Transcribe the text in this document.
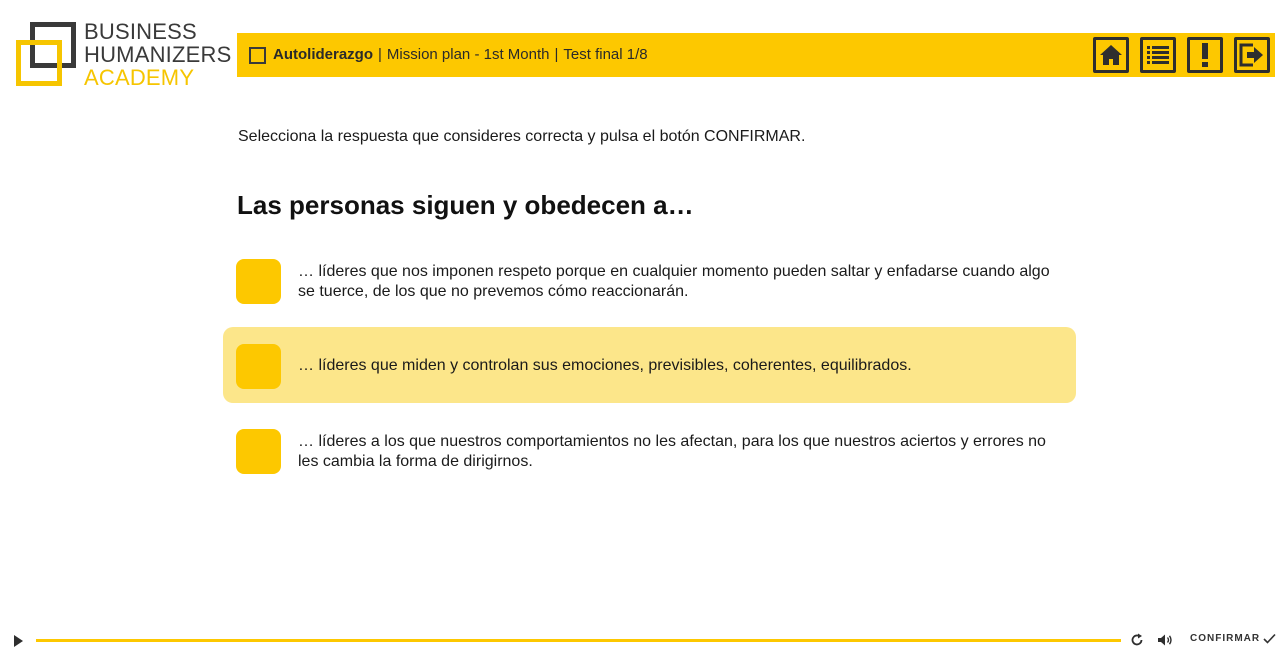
BUSINESS
HUMANIZERS
ACADEMY
Autoliderazgo | Mission plan - 1st Month | Test final 1/8
Selecciona la respuesta que consideres correcta y pulsa el botón CONFIRMAR.
Las personas siguen y obedecen a…
… líderes que nos imponen respeto porque en cualquier momento pueden saltar y enfadarse cuando algo se tuerce, de los que no prevemos cómo reaccionarán.
… líderes que miden y controlan sus emociones, previsibles, coherentes, equilibrados.
… líderes a los que nuestros comportamientos no les afectan, para los que nuestros aciertos y errores no les cambia la forma de dirigirnos.
CONFIRMAR
